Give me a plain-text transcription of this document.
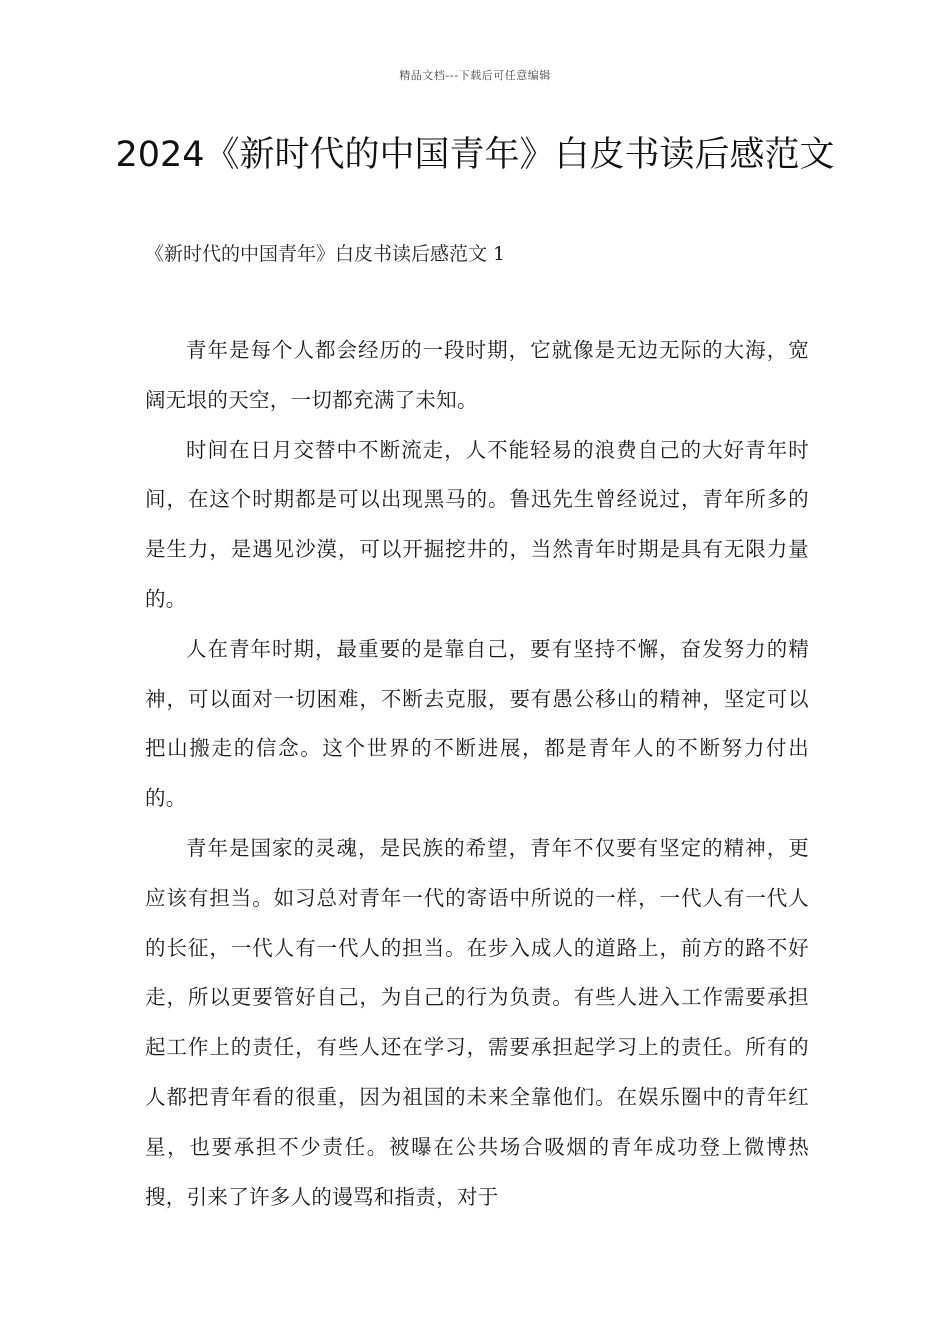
精品文档---下载后可任意编辑
2024《新时代的中国青年》白皮书读后感范文
《新时代的中国青年》白皮书读后感范文 1

青年是每个人都会经历的一段时期，它就像是无边无际的大海，宽阔无垠的天空，一切都充满了未知。

时间在日月交替中不断流走，人不能轻易的浪费自己的大好青年时间，在这个时期都是可以出现黑马的。鲁迅先生曾经说过，青年所多的是生力，是遇见沙漠，可以开掘挖井的，当然青年时期是具有无限力量的。

人在青年时期，最重要的是靠自己，要有坚持不懈，奋发努力的精神，可以面对一切困难，不断去克服，要有愚公移山的精神，坚定可以把山搬走的信念。这个世界的不断进展，都是青年人的不断努力付出的。

青年是国家的灵魂，是民族的希望，青年不仅要有坚定的精神，更应该有担当。如习总对青年一代的寄语中所说的一样，一代人有一代人的长征，一代人有一代人的担当。在步入成人的道路上，前方的路不好走，所以更要管好自己，为自己的行为负责。有些人进入工作需要承担起工作上的责任，有些人还在学习，需要承担起学习上的责任。所有的人都把青年看的很重，因为祖国的未来全靠他们。在娱乐圈中的青年红星，也要承担不少责任。被曝在公共场合吸烟的青年成功登上微博热搜，引来了许多人的谩骂和指责，对于
